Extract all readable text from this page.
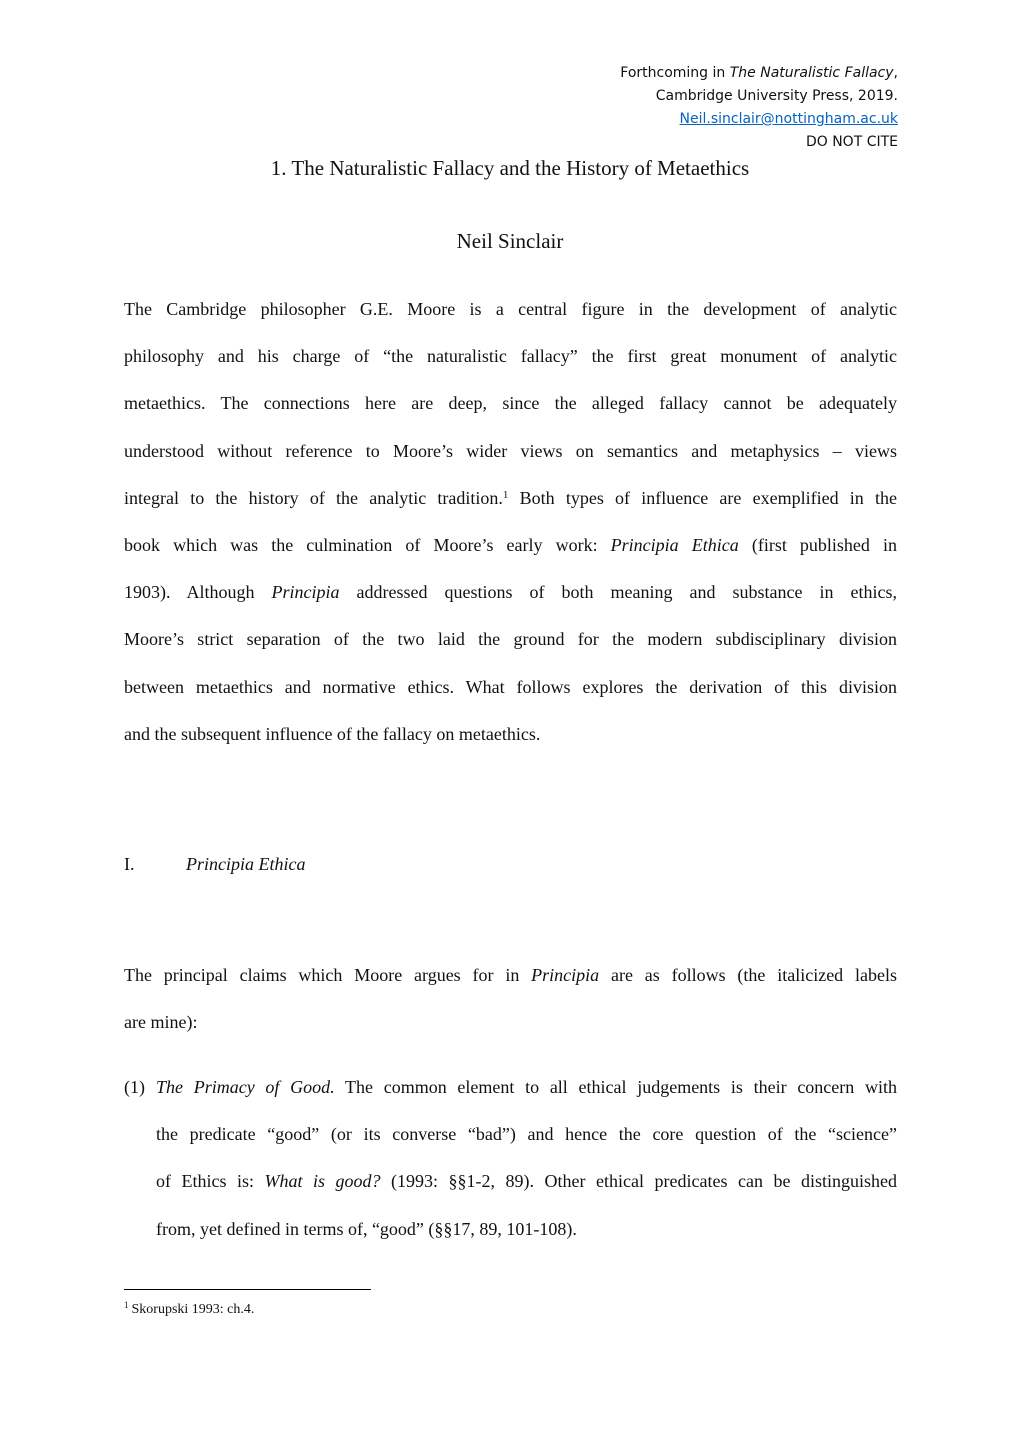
Forthcoming in The Naturalistic Fallacy,
Cambridge University Press, 2019.
Neil.sinclair@nottingham.ac.uk
DO NOT CITE
1. The Naturalistic Fallacy and the History of Metaethics
Neil Sinclair
The Cambridge philosopher G.E. Moore is a central figure in the development of analytic
philosophy and his charge of “the naturalistic fallacy” the first great monument of analytic
metaethics. The connections here are deep, since the alleged fallacy cannot be adequately
understood without reference to Moore’s wider views on semantics and metaphysics – views
integral to the history of the analytic tradition.$^1$ Both types of influence are exemplified in the
book which was the culmination of Moore’s early work: Principia Ethica (first published in
1903). Although Principia addressed questions of both meaning and substance in ethics,
Moore’s strict separation of the two laid the ground for the modern subdisciplinary division
between metaethics and normative ethics. What follows explores the derivation of this division
and the subsequent influence of the fallacy on metaethics.
I.	Principia Ethica
The principal claims which Moore argues for in Principia are as follows (the italicized labels
are mine):
(1) The Primacy of Good. The common element to all ethical judgements is their concern with
the predicate “good” (or its converse “bad”) and hence the core question of the “science”
of Ethics is: What is good? (1993: §§1-2, 89). Other ethical predicates can be distinguished
from, yet defined in terms of, “good” (§§17, 89, 101-108).
$^1$ Skorupski 1993: ch.4.
